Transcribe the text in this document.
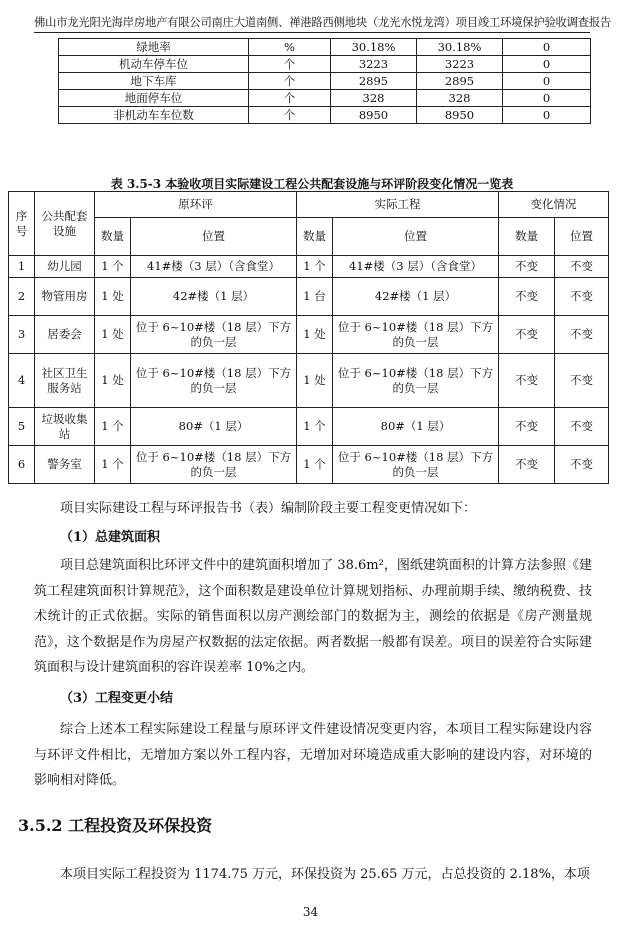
佛山市龙光阳光海岸房地产有限公司南庄大道南侧、禅港路西侧地块（龙光水悦龙湾）项目竣工环境保护验收调查报告
绿地率	%	30.18%	30.18%	0
机动车停车位	个	3223	3223	0
地下车库	个	2895	2895	0
地面停车位	个	328	328	0
非机动车车位数	个	8950	8950	0
表 3.5-3 本验收项目实际建设工程公共配套设施与环评阶段变化情况一览表
序号	公共配套设施	原环评		实际工程		变化情况	
		数量	位置	数量	位置	数量	位置
1	幼儿园	1 个	41#楼（3 层）（含食堂）	1 个	41#楼（3 层）（含食堂）	不变	不变
2	物管用房	1 处	42#楼（1 层）	1 台	42#楼（1 层）	不变	不变
3	居委会	1 处	位于 6~10#楼（18 层）下方的负一层	1 处	位于 6~10#楼（18 层）下方的负一层	不变	不变
4	社区卫生服务站	1 处	位于 6~10#楼（18 层）下方的负一层	1 处	位于 6~10#楼（18 层）下方的负一层	不变	不变
5	垃圾收集站	1 个	80#（1 层）	1 个	80#（1 层）	不变	不变
6	警务室	1 个	位于 6~10#楼（18 层）下方的负一层	1 个	位于 6~10#楼（18 层）下方的负一层	不变	不变
项目实际建设工程与环评报告书（表）编制阶段主要工程变更情况如下：
（1）总建筑面积
项目总建筑面积比环评文件中的建筑面积增加了 38.6m²，图纸建筑面积的计算方法参照《建筑工程建筑面积计算规范》，这个面积数是建设单位计算规划指标、办理前期手续、缴纳税费、技术统计的正式依据。实际的销售面积以房产测绘部门的数据为主，测绘的依据是《房产测量规范》，这个数据是作为房屋产权数据的法定依据。两者数据一般都有误差。项目的误差符合实际建筑面积与设计建筑面积的容许误差率 10%之内。
（3）工程变更小结
综合上述本工程实际建设工程量与原环评文件建设情况变更内容，本项目工程实际建设内容与环评文件相比，无增加方案以外工程内容，无增加对环境造成重大影响的建设内容，对环境的影响相对降低。
3.5.2 工程投资及环保投资
本项目实际工程投资为 1174.75 万元，环保投资为 25.65 万元，占总投资的 2.18%，本项
34
